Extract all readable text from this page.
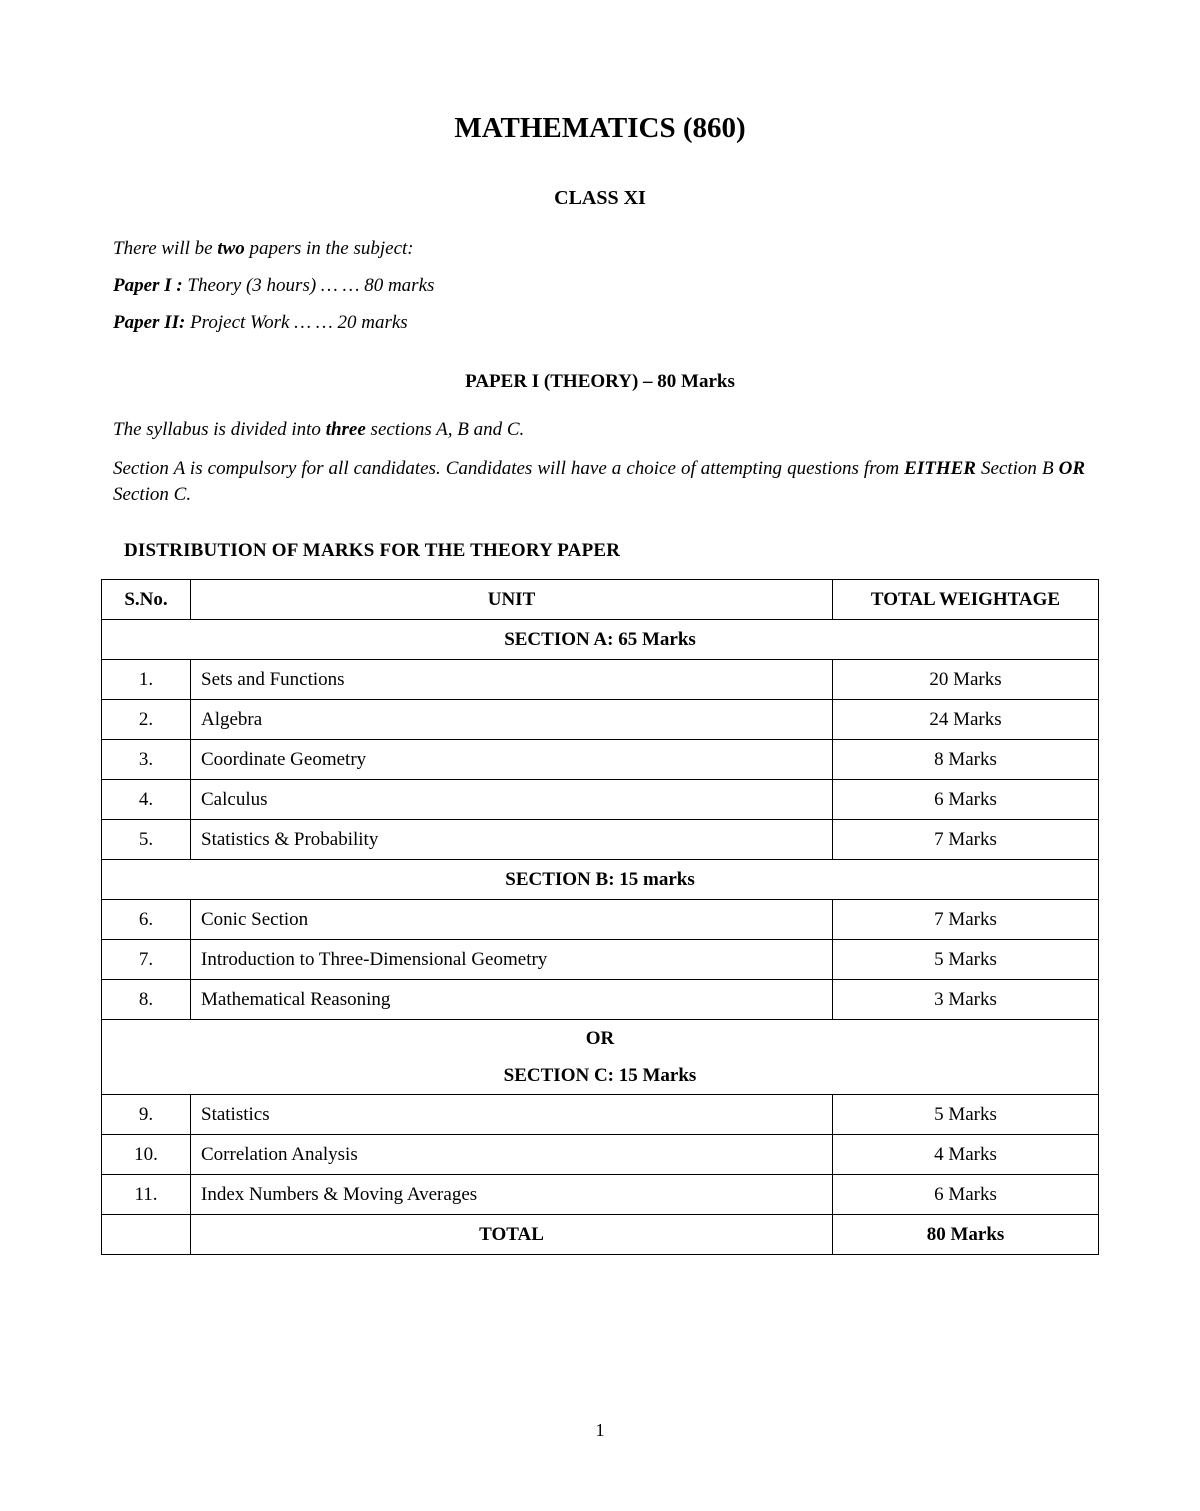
MATHEMATICS (860)
CLASS XI
There will be two papers in the subject:
Paper I : Theory (3 hours) … … 80 marks
Paper II: Project Work … … 20 marks
PAPER I (THEORY) – 80 Marks
The syllabus is divided into three sections A, B and C.
Section A is compulsory for all candidates. Candidates will have a choice of attempting questions from EITHER Section B OR Section C.
DISTRIBUTION OF MARKS FOR THE THEORY PAPER
S.No.	UNIT	TOTAL WEIGHTAGE
SECTION A: 65 Marks		
1.	Sets and Functions	20 Marks
2.	Algebra	24 Marks
3.	Coordinate Geometry	8 Marks
4.	Calculus	6 Marks
5.	Statistics & Probability	7 Marks
SECTION B: 15 marks		
6.	Conic Section	7 Marks
7.	Introduction to Three-Dimensional Geometry	5 Marks
8.	Mathematical Reasoning	3 Marks

OR
SECTION C: 15 Marks		

9.	Statistics	5 Marks
10.	Correlation Analysis	4 Marks
11.	Index Numbers & Moving Averages	6 Marks
	TOTAL	80 Marks
1
